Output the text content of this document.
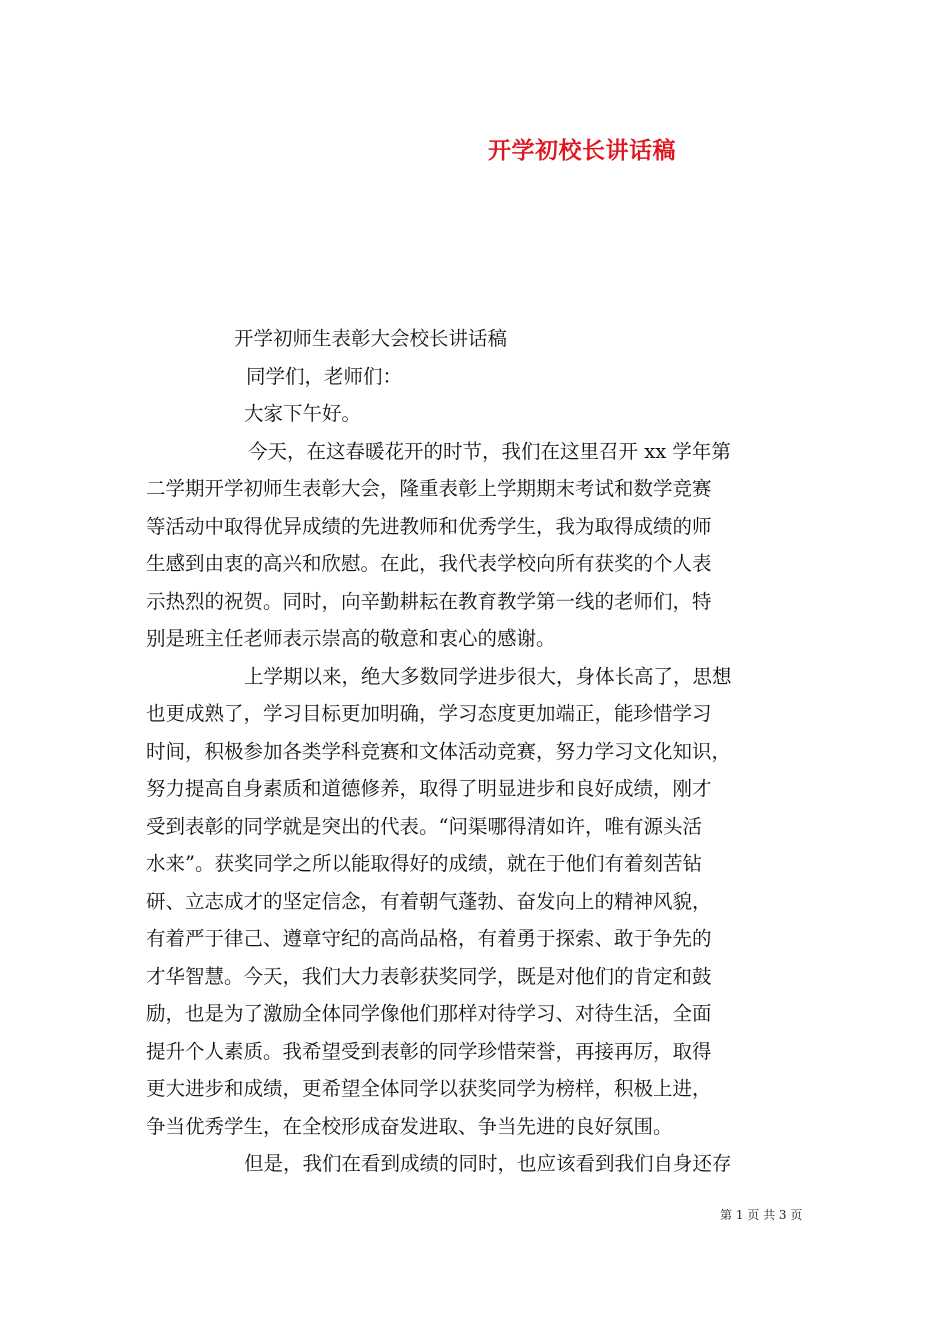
开学初校长讲话稿
开学初师生表彰大会校长讲话稿
同学们，老师们：
大家下午好。
今天，在这春暖花开的时节，我们在这里召开 xx 学年第
二学期开学初师生表彰大会，隆重表彰上学期期末考试和数学竞赛
等活动中取得优异成绩的先进教师和优秀学生，我为取得成绩的师
生感到由衷的高兴和欣慰。在此，我代表学校向所有获奖的个人表
示热烈的祝贺。同时，向辛勤耕耘在教育教学第一线的老师们，特
别是班主任老师表示崇高的敬意和衷心的感谢。
上学期以来，绝大多数同学进步很大，身体长高了，思想
也更成熟了，学习目标更加明确，学习态度更加端正，能珍惜学习
时间，积极参加各类学科竞赛和文体活动竞赛，努力学习文化知识，
努力提高自身素质和道德修养，取得了明显进步和良好成绩，刚才
受到表彰的同学就是突出的代表。“问渠哪得清如许，唯有源头活
水来”。获奖同学之所以能取得好的成绩，就在于他们有着刻苦钻
研、立志成才的坚定信念，有着朝气蓬勃、奋发向上的精神风貌，
有着严于律己、遵章守纪的高尚品格，有着勇于探索、敢于争先的
才华智慧。今天，我们大力表彰获奖同学，既是对他们的肯定和鼓
励，也是为了激励全体同学像他们那样对待学习、对待生活，全面
提升个人素质。我希望受到表彰的同学珍惜荣誉，再接再厉，取得
更大进步和成绩，更希望全体同学以获奖同学为榜样，积极上进，
争当优秀学生，在全校形成奋发进取、争当先进的良好氛围。
但是，我们在看到成绩的同时，也应该看到我们自身还存
第 1 页 共 3 页
